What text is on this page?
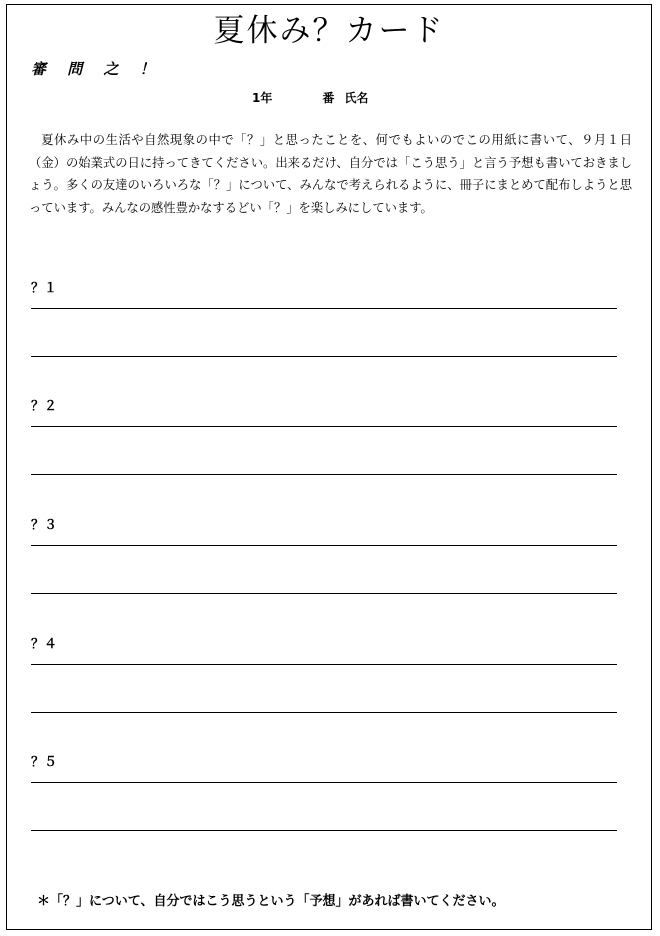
夏休み？カード
審 問 之 ！
1年	番 氏名

夏休み中の生活や自然現象の中で「？」と思ったことを、何でもよいのでこの用紙に書いて、９月１日（金）の始業式の日に持ってきてください。出来るだけ、自分では「こう思う」と言う予想も書いておきましょう。多くの友達のいろいろな「？」について、みんなで考えられるように、冊子にまとめて配布しようと思っています。みんなの感性豊かなするどい「？」を楽しみにしています。

？１
？２
？３
？４
？５
＊「？」について、自分ではこう思うという「予想」があれば書いてください。
